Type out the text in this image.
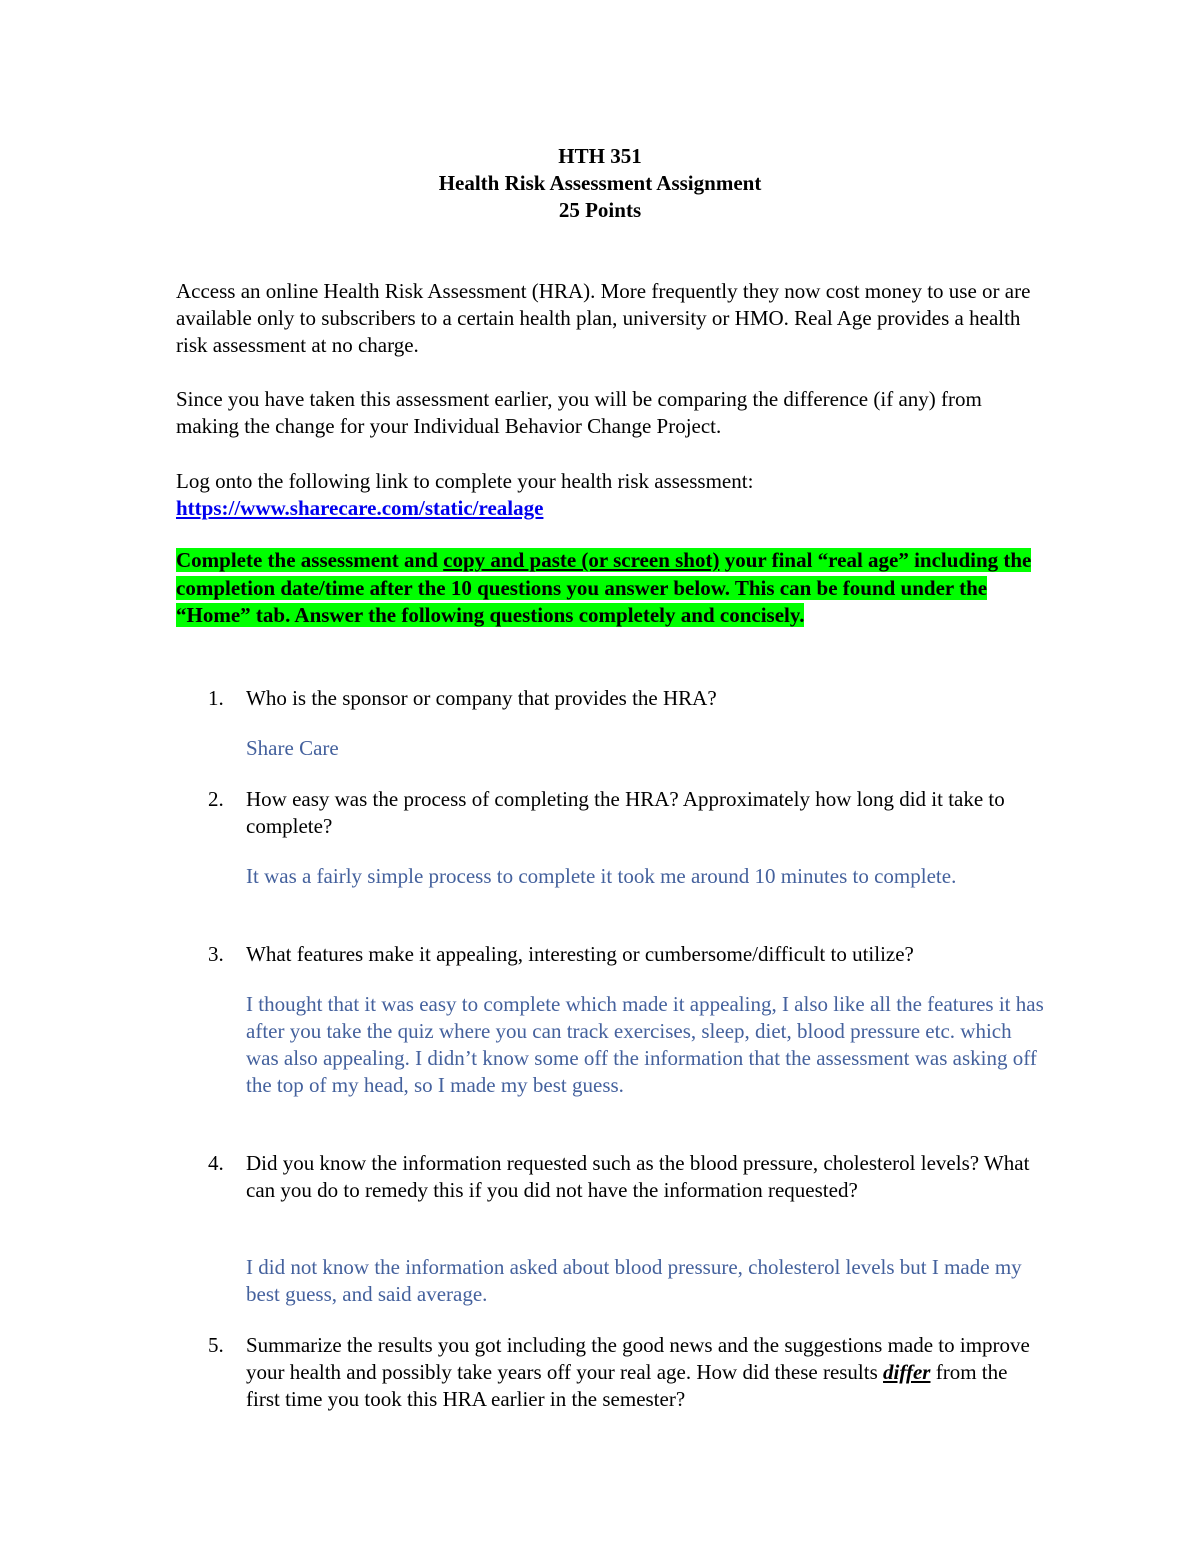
HTH 351
Health Risk Assessment Assignment
25 Points

Access an online Health Risk Assessment (HRA). More frequently they now cost money to use or are available only to subscribers to a certain health plan, university or HMO. Real Age provides a health risk assessment at no charge.

Since you have taken this assessment earlier, you will be comparing the difference (if any) from making the change for your Individual Behavior Change Project.

Log onto the following link to complete your health risk assessment:
https://www.sharecare.com/static/realage
Complete the assessment and copy and paste (or screen shot) your final “real age” including the completion date/time after the 10 questions you answer below. This can be found under the “Home” tab. Answer the following questions completely and concisely.
1.	Who is the sponsor or company that provides the HRA?
Share Care
2.	How easy was the process of completing the HRA? Approximately how long did it take to complete?
It was a fairly simple process to complete it took me around 10 minutes to complete.
3.	What features make it appealing, interesting or cumbersome/difficult to utilize?
I thought that it was easy to complete which made it appealing, I also like all the features it has after you take the quiz where you can track exercises, sleep, diet, blood pressure etc. which was also appealing. I didn’t know some off the information that the assessment was asking off the top of my head, so I made my best guess.
4.	Did you know the information requested such as the blood pressure, cholesterol levels? What can you do to remedy this if you did not have the information requested?
I did not know the information asked about blood pressure, cholesterol levels but I made my best guess, and said average.
5.	Summarize the results you got including the good news and the suggestions made to improve your health and possibly take years off your real age. How did these results differ from the first time you took this HRA earlier in the semester?
